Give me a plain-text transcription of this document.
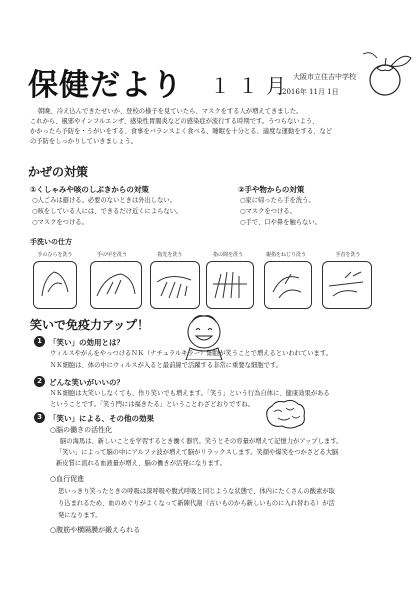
保健だより １１月 大阪市立住吉中学校
2016年 11月 1日
朝晩、冷え込んできたせいか、登校の様子を見ていたら、マスクをする人が増えてきました。
これから、風邪やインフルエンザ、感染性胃腸炎などの感染症が流行する時期です。うつらないよう、
かかったら予防を・うがいをする、食事をバランスよく食べる、睡眠を十分とる、適度な運動をする、など
の予防をしっかりしていきましょう。
かぜの対策
①くしゃみや咳のしぶきからの対策
○人ごみは避ける。必要のないときは外出しない。
○咳をしている人には、できるだけ近くによらない。
○マスクをつける。
②手や物からの対策
○家に帰ったら手を洗う。
○マスクをつける。
○手で、口や鼻を触らない。
手洗いの仕方
手のひらを洗う	手の甲を洗う	指先を洗う	指の間を洗う	親指をねじり洗う	手首を洗う
笑いで免疫力アップ！
1 「笑い」の効用とは？
ウィルスやがんをやっつけるＮＫ（ナチュラルキラー）細胞が笑うことで増えるといわれています。
ＮＫ細胞は、体の中にウィルスが入ると最前線で活躍する非常に重要な細胞です。
2 どんな笑いがいいの？
ＮＫ細胞は大笑いしなくても、作り笑いでも増えます。「笑う」という行為自体に、健康効果がある
ということです。「笑う門には福きたる」ということわざどおりですね。
3 「笑い」による、その他の効果
○脳の働きの活性化
脳の海馬は、新しいことを学習するとき働く器官。笑うとその容量が増えて記憶力がアップします。
「笑い」によって脳の中にアルファ波が増えて脳がリラックスします。笑顔や爆笑をつかさどる大脳
新皮質に流れる血液量が増え、脳の働きが活発になります。
○血行促進
思いっきり笑ったときの呼吸は深呼吸や腹式呼吸と同じような状態で、体内にたくさんの酸素が取
り込まれるため、血のめぐりがよくなって新陳代謝（古いものから新しいものに入れ替わる）が活
発になります。
○腹筋や横隔膜が鍛えられる
